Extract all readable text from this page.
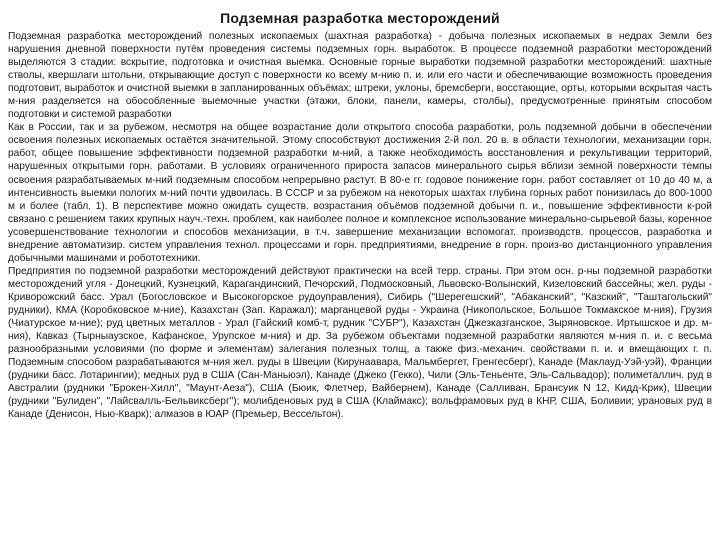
Подземная разработка месторождений

Подземная разработка месторождений полезных ископаемых (шахтная разработка) - добыча полезных ископаемых в недрах Земли без нарушения дневной поверхности путём проведения системы подземных горн. выработок. В процессе подземной разработки месторождений выделяются 3 стадии: вскрытие, подготовка и очистная выемка. Основные горные выработки подземной разработки месторождений: шахтные стволы, квершлаги штольни, открывающие доступ с поверхности ко всему м-нию п. и. или его части и обеспечивающие возможность проведения подготовит, выработок и очистной выемки в запланированных объёмах; штреки, уклоны, бремсберги, восстающие, орты, которыми вскрытая часть м-ния разделяется на обособленные выемочные участки (этажи, блоки, панели, камеры, столбы), предусмотренные принятым способом подготовки и системой разработки

Как в России, так и за рубежом, несмотря на общее возрастание доли открытого способа разработки, роль подземной добычи в обеспечении освоения полезных ископаемых остаётся значительной. Этому способствуют достижения 2-й пол. 20 в. в области технологии, механизации горн. работ, общее повышение эффективности подземной разработки м-ний, а также необходимость восстановления и рекультивации территорий, нарушенных открытыми горн. работами. В условиях ограниченного прироста запасов минерального сырья вблизи земной поверхности темпы освоения разрабатываемых м-ний подземным способом непрерывно растут. В 80-е гг. годовое понижение горн. работ составляет от 10 до 40 м, а интенсивность выемки пологих м-ний почти удвоилась. В СССР и за рубежом на некоторых шахтах глубина горных работ понизилась до 800-1000 м и более (табл. 1). В перспективе можно ожидать существ. возрастания объёмов подземной добычи п. и., повышение эффективности к-рой связано с решением таких крупных науч.-техн. проблем, как наиболее полное и комплексное использование минерально-сырьевой базы, коренное усовершенствование технологии и способов механизации, в т.ч. завершение механизации вспомогат. производств. процессов, разработка и внедрение автоматизир. систем управления технол. процессами и горн. предприятиями, внедрение в горн. произ-во дистанционного управления добычными машинами и робототехники.

Предприятия по подземной разработки месторождений действуют практически на всей терр. страны. При этом осн. р-ны подземной разработки месторождений угля - Донецкий, Кузнецкий, Карагандинский, Печорский, Подмосковный, Львовско-Волынский, Кизеловский бассейны; жел. руды - Криворожский басс. Урал (Богословское и Высокогорское рудоуправления), Сибирь ("Шерегешский", "Абаканский", "Казский", "Таштагольский" рудники), КМА (Коробковское м-ние), Казахстан (Зап. Каражал); марганцевой руды - Украина (Никопольское, Большое Токмакское м-ния), Грузия (Чиатурское м-ние); руд цветных металлов - Урал (Гайский комб-т, рудник "СУБР"), Казахстан (Джезказганское, Зыряновское. Иртышское и др. м-ния), Кавказ (Тырныаузское, Кафанское, Урупское м-ния) и др. За рубежом объектами подземной разработки являются м-ния п. и. с весьма разнообразными условиями (по форме и элементам) залегания полезных толщ, а также физ.-механич. свойствами п. и. и вмещающих г. п. Подземным способом разрабатываются м-ния жел. руды в Швеции (Кирунаавара, Мальмбергет, Гренгесберг), Канаде (Маклауд-Уэй-уэй), Франции (рудники басс. Лотарингии); медных руд в США (Сан-Маньюэл), Канаде (Джеко (Гекко), Чили (Эль-Теньенте, Эль-Сальвадор); полиметаллич. руд в Австралии (рудники "Брокен-Хилл", "Маунт-Аеза"), США (Бюик, Флетчер, Вайбернем), Канаде (Салливан, Брансуик N 12, Кидд-Крик), Швеции (рудники "Булиден", "Лайсвалль-Бельвиксберг"); молибденовых руд в США (Клаймакс); вольфрамовых руд в КНР, США, Боливии; урановых руд в Канаде (Денисон, Нью-Кварк); алмазов в ЮАР (Премьер, Вессельтон).
